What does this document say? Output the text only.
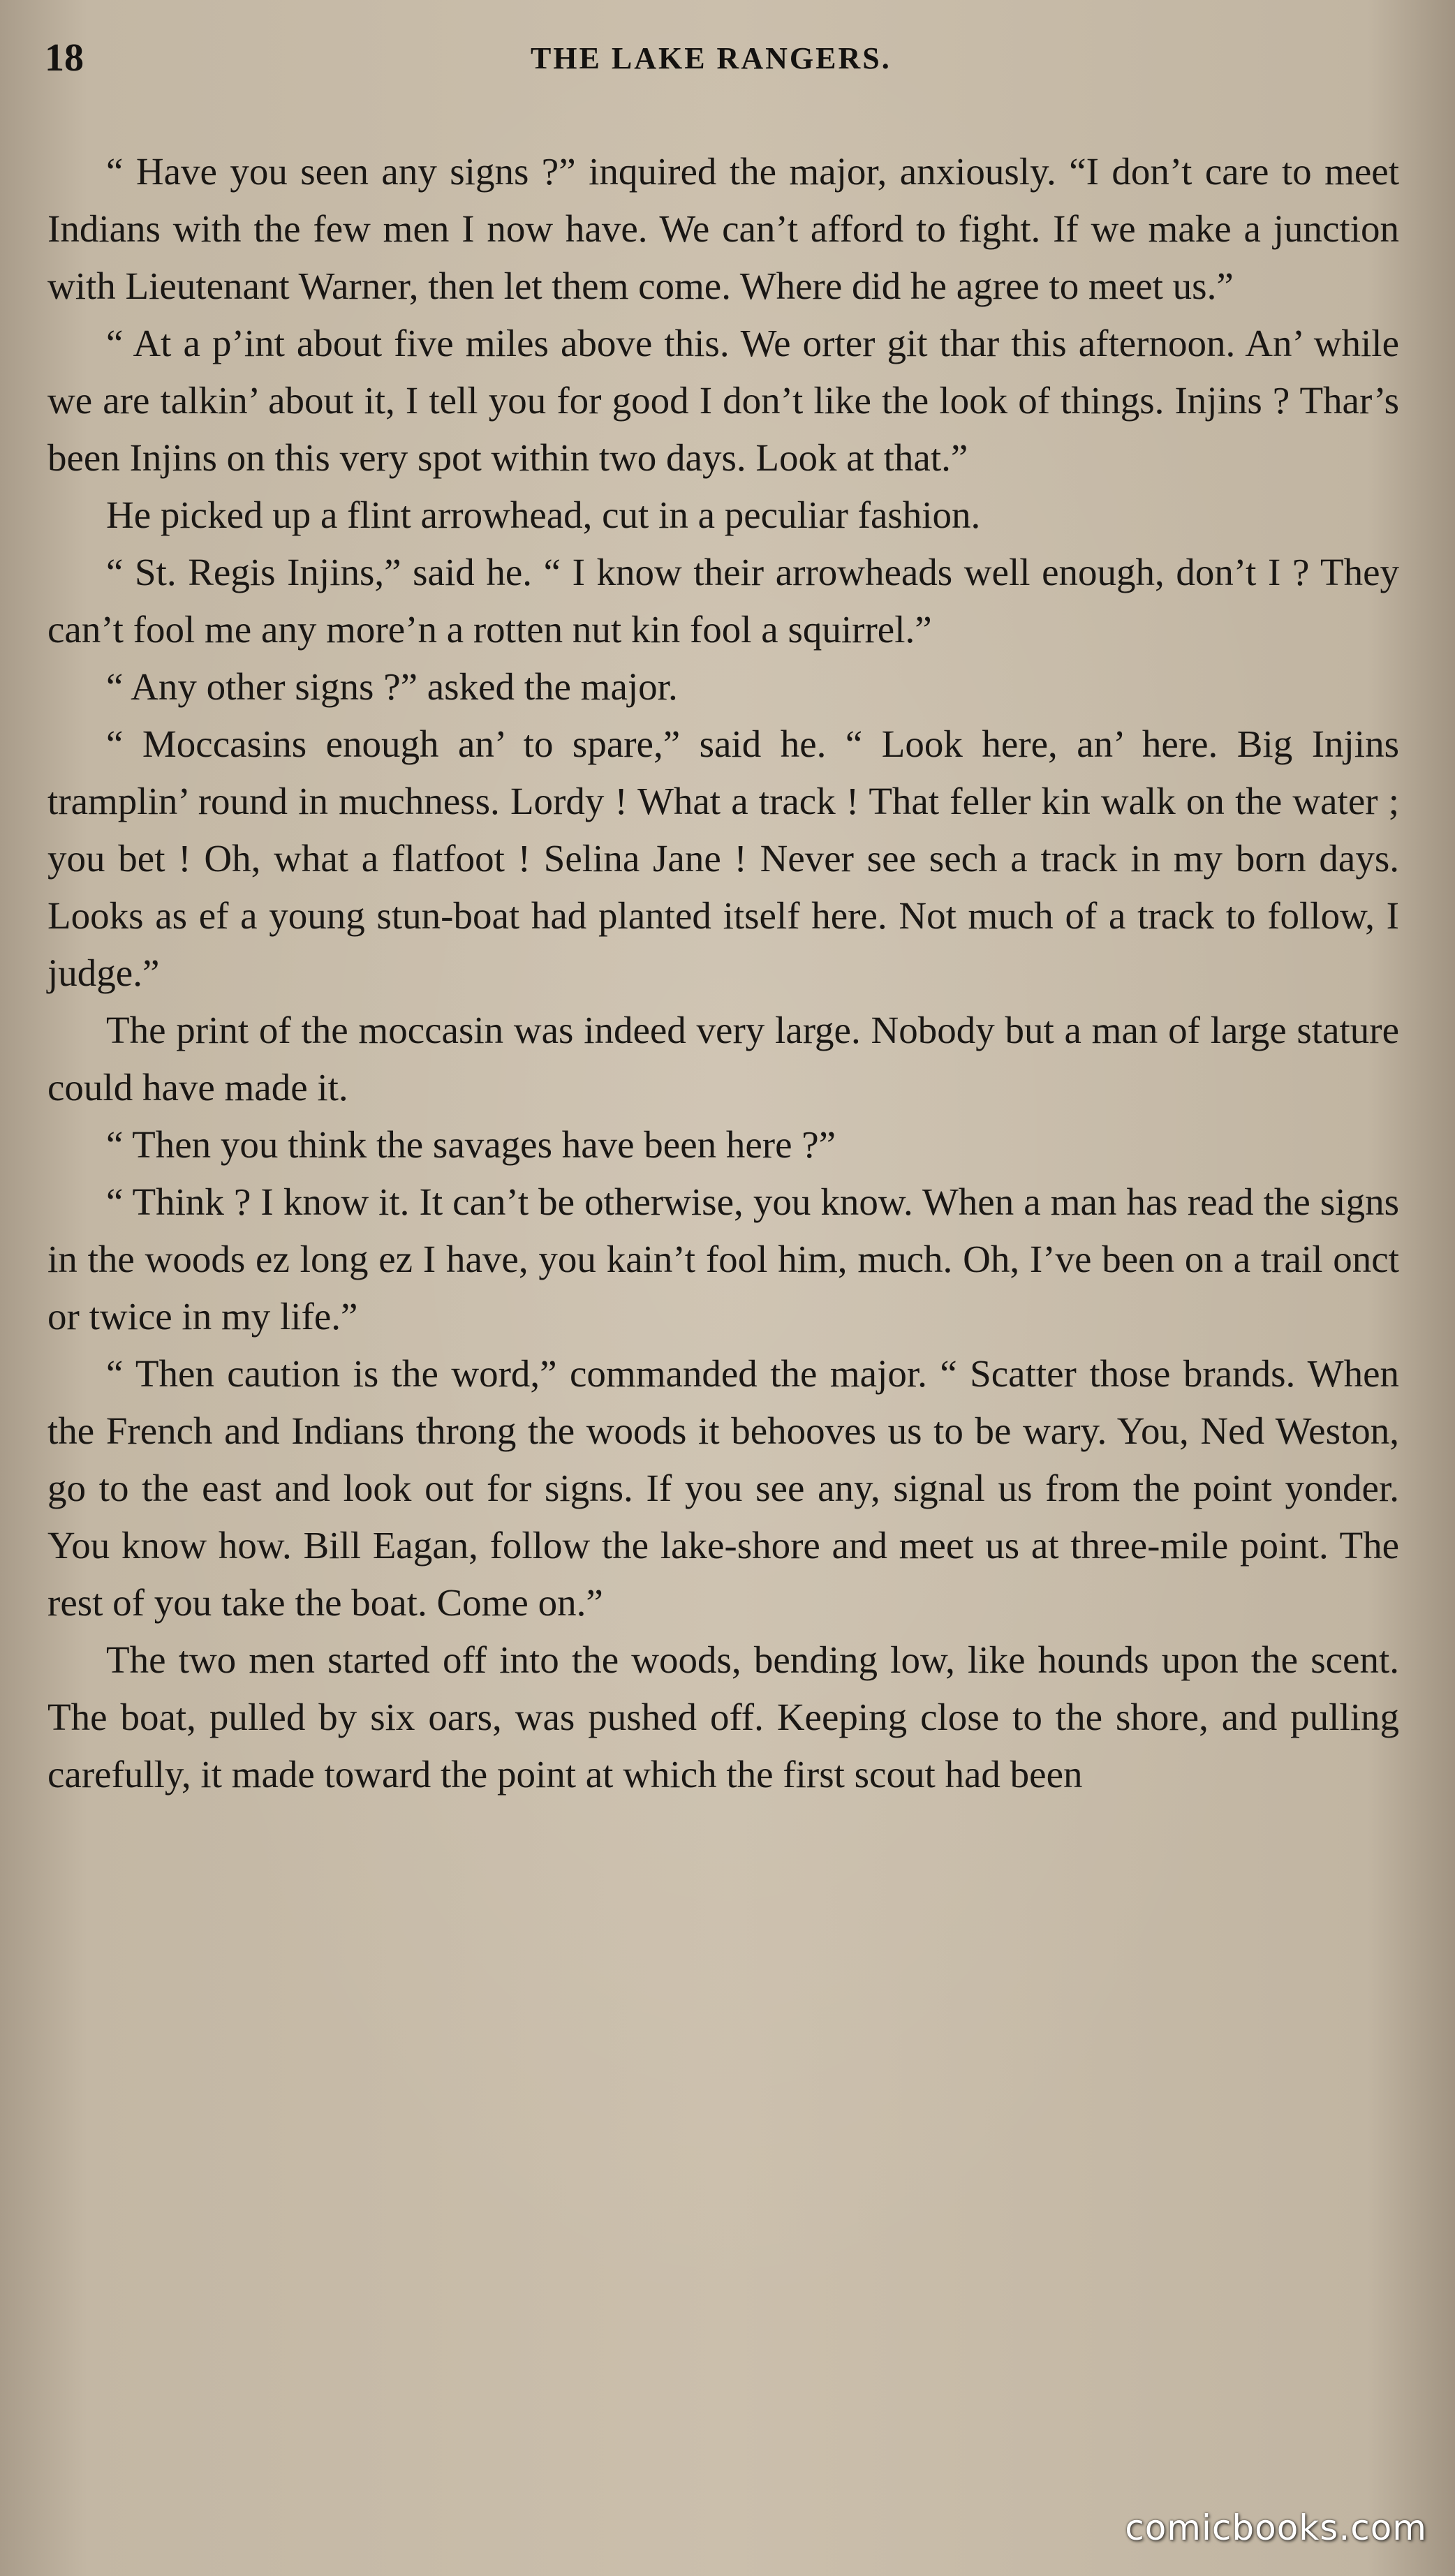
18	THE LAKE RANGERS.

“ Have you seen any signs ?” inquired the major, anxiously. “I don’t care to meet Indians with the few men I now have. We can’t afford to fight. If we make a junction with Lieutenant Warner, then let them come. Where did he agree to meet us.”

“ At a p’int about five miles above this. We orter git thar this afternoon. An’ while we are talkin’ about it, I tell you for good I don’t like the look of things. Injins ? Thar’s been Injins on this very spot within two days. Look at that.”

He picked up a flint arrowhead, cut in a peculiar fashion.

“ St. Regis Injins,” said he. “ I know their arrowheads well enough, don’t I ? They can’t fool me any more’n a rotten nut kin fool a squirrel.”

“ Any other signs ?” asked the major.

“ Moccasins enough an’ to spare,” said he. “ Look here, an’ here. Big Injins tramplin’ round in muchness. Lordy ! What a track ! That feller kin walk on the water ; you bet ! Oh, what a flatfoot ! Selina Jane ! Never see sech a track in my born days. Looks as ef a young stun-boat had planted itself here. Not much of a track to follow, I judge.”

The print of the moccasin was indeed very large. Nobody but a man of large stature could have made it.

“ Then you think the savages have been here ?”

“ Think ? I know it. It can’t be otherwise, you know. When a man has read the signs in the woods ez long ez I have, you kain’t fool him, much. Oh, I’ve been on a trail onct or twice in my life.”

“ Then caution is the word,” commanded the major. “ Scatter those brands. When the French and Indians throng the woods it behooves us to be wary. You, Ned Weston, go to the east and look out for signs. If you see any, signal us from the point yonder. You know how. Bill Eagan, follow the lake-shore and meet us at three-mile point. The rest of you take the boat. Come on.”

The two men started off into the woods, bending low, like hounds upon the scent. The boat, pulled by six oars, was pushed off. Keeping close to the shore, and pulling carefully, it made toward the point at which the first scout had been

comicbooks.com
